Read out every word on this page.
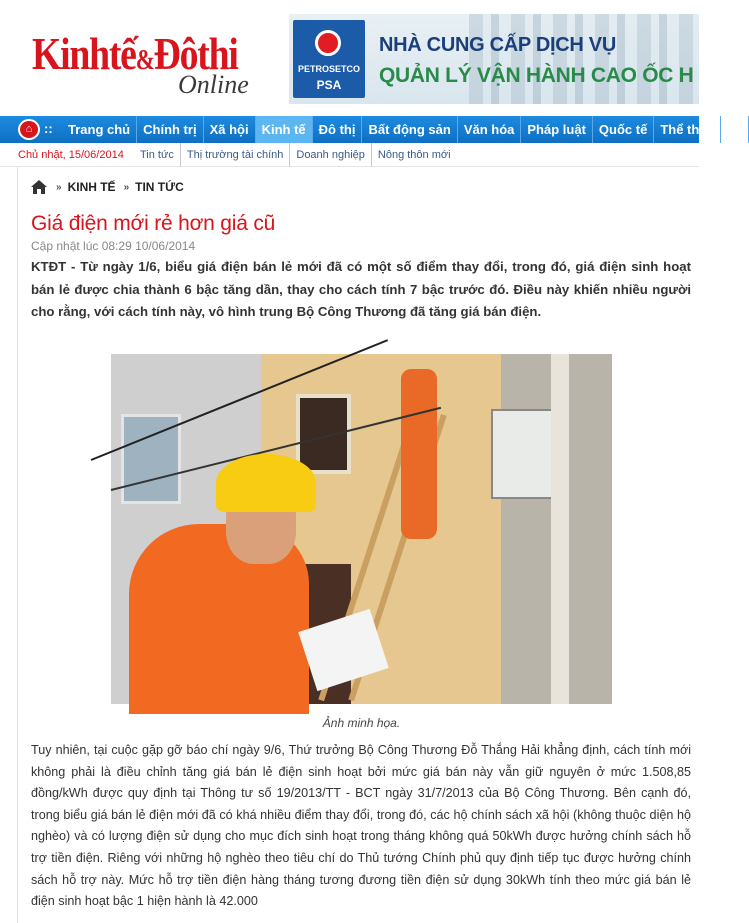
Kinhtế&Đôthi
Online
PETROSETCO
PSA
NHÀ CUNG CẤP DỊCH VỤ
QUẢN LÝ VẬN HÀNH CAO ỐC H
⌂ ::	Trang chủ	Chính trị	Xã hội	Kinh tế	Đô thị	Bất động sản	Văn hóa	Pháp luật	Quốc tế	Thể thao	Tu
Chủ nhật, 15/06/2014 Tin tức	Thị trường tài chính	Doanh nghiệp	Nông thôn mới
» KINH TẾ » TIN TỨC
Giá điện mới rẻ hơn giá cũ
Cập nhật lúc 08:29 10/06/2014

KTĐT - Từ ngày 1/6, biểu giá điện bán lẻ mới đã có một số điểm thay đổi, trong đó, giá điện sinh hoạt bán lẻ được chia thành 6 bậc tăng dần, thay cho cách tính 7 bậc trước đó. Điều này khiến nhiều người cho rằng, với cách tính này, vô hình trung Bộ Công Thương đã tăng giá bán điện.

Ảnh minh họa.

Tuy nhiên, tại cuộc gặp gỡ báo chí ngày 9/6, Thứ trưởng Bộ Công Thương Đỗ Thắng Hải khẳng định, cách tính mới không phải là điều chỉnh tăng giá bán lẻ điện sinh hoạt bởi mức giá bán này vẫn giữ nguyên ở mức 1.508,85 đồng/kWh được quy định tại Thông tư số 19/2013/TT - BCT ngày 31/7/2013 của Bộ Công Thương. Bên cạnh đó, trong biểu giá bán lẻ điện mới đã có khá nhiều điểm thay đổi, trong đó, các hộ chính sách xã hội (không thuộc diện hộ nghèo) và có lượng điện sử dụng cho mục đích sinh hoạt trong tháng không quá 50kWh được hưởng chính sách hỗ trợ tiền điện. Riêng với những hộ nghèo theo tiêu chí do Thủ tướng Chính phủ quy định tiếp tục được hưởng chính sách hỗ trợ này. Mức hỗ trợ tiền điện hàng tháng tương đương tiền điện sử dụng 30kWh tính theo mức giá bán lẻ điện sinh hoạt bậc 1 hiện hành là 42.000
